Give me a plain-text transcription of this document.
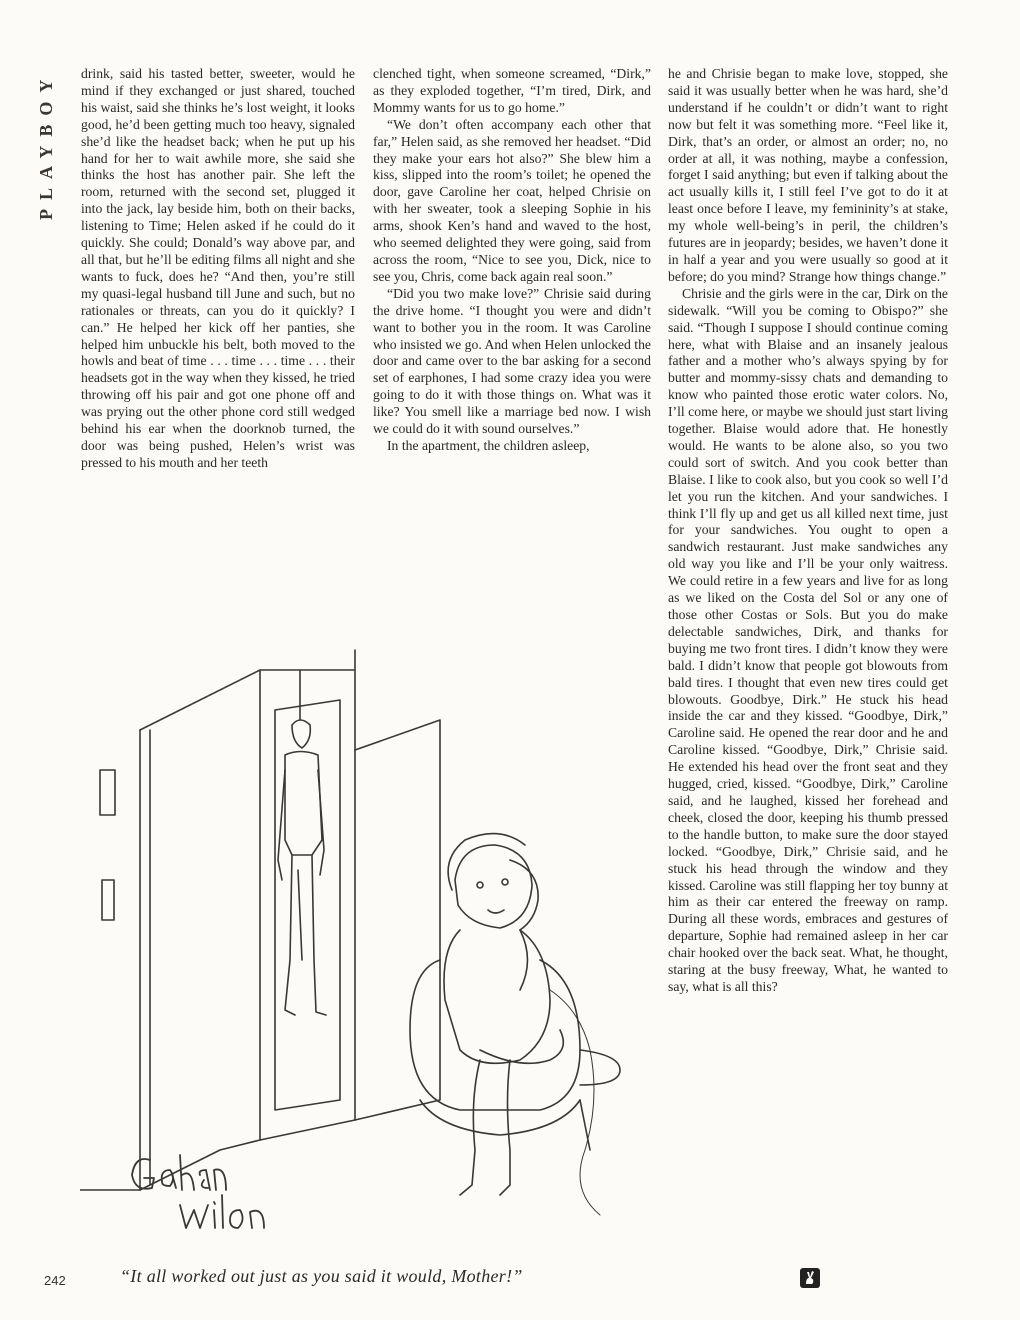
PLAYBOY drink, said his tasted better, sweeter, would he mind if they exchanged or just shared, touched his waist, said she thinks he’s lost weight, it looks good, he’d been getting much too heavy, signaled she’d like the headset back; when he put up his hand for her to wait awhile more, she said she thinks the host has another pair. She left the room, returned with the second set, plugged it into the jack, lay beside him, both on their backs, listening to Time; Helen asked if he could do it quickly. She could; Donald’s way above par, and all that, but he’ll be editing films all night and she wants to fuck, does he? “And then, you’re still my quasi-legal husband till June and such, but no rationales or threats, can you do it quickly? I can.” He helped her kick off her panties, she helped him unbuckle his belt, both moved to the howls and beat of time . . . time . . . time . . . their headsets got in the way when they kissed, he tried throwing off his pair and got one phone off and was prying out the other phone cord still wedged behind his ear when the doorknob turned, the door was being pushed, Helen’s wrist was pressed to his mouth and her teeth

clenched tight, when someone screamed, “Dirk,” as they exploded together, “I’m tired, Dirk, and Mommy wants for us to go home.”

“We don’t often accompany each other that far,” Helen said, as she removed her headset. “Did they make your ears hot also?” She blew him a kiss, slipped into the room’s toilet; he opened the door, gave Caroline her coat, helped Chrisie on with her sweater, took a sleeping Sophie in his arms, shook Ken’s hand and waved to the host, who seemed delighted they were going, said from across the room, “Nice to see you, Dick, nice to see you, Chris, come back again real soon.”

“Did you two make love?” Chrisie said during the drive home. “I thought you were and didn’t want to bother you in the room. It was Caroline who insisted we go. And when Helen unlocked the door and came over to the bar asking for a second set of earphones, I had some crazy idea you were going to do it with those things on. What was it like? You smell like a marriage bed now. I wish we could do it with sound ourselves.”

In the apartment, the children asleep,

he and Chrisie began to make love, stopped, she said it was usually better when he was hard, she’d understand if he couldn’t or didn’t want to right now but felt it was something more. “Feel like it, Dirk, that’s an order, or almost an order; no, no order at all, it was nothing, maybe a confession, forget I said anything; but even if talking about the act usually kills it, I still feel I’ve got to do it at least once before I leave, my femininity’s at stake, my whole well-being’s in peril, the children’s futures are in jeopardy; besides, we haven’t done it in half a year and you were usually so good at it before; do you mind? Strange how things change.”

Chrisie and the girls were in the car, Dirk on the sidewalk. “Will you be coming to Obispo?” she said. “Though I suppose I should continue coming here, what with Blaise and an insanely jealous father and a mother who’s always spying by for butter and mommy-sissy chats and demanding to know who painted those erotic water colors. No, I’ll come here, or maybe we should just start living together. Blaise would adore that. He honestly would. He wants to be alone also, so you two could sort of switch. And you cook better than Blaise. I like to cook also, but you cook so well I’d let you run the kitchen. And your sandwiches. I think I’ll fly up and get us all killed next time, just for your sandwiches. You ought to open a sandwich restaurant. Just make sandwiches any old way you like and I’ll be your only waitress. We could retire in a few years and live for as long as we liked on the Costa del Sol or any one of those other Costas or Sols. But you do make delectable sandwiches, Dirk, and thanks for buying me two front tires. I didn’t know they were bald. I didn’t know that people got blowouts from bald tires. I thought that even new tires could get blowouts. Goodbye, Dirk.” He stuck his head inside the car and they kissed. “Goodbye, Dirk,” Caroline said. He opened the rear door and he and Caroline kissed. “Goodbye, Dirk,” Chrisie said. He extended his head over the front seat and they hugged, cried, kissed. “Goodbye, Dirk,” Caroline said, and he laughed, kissed her forehead and cheek, closed the door, keeping his thumb pressed to the handle button, to make sure the door stayed locked. “Goodbye, Dirk,” Chrisie said, and he stuck his head through the window and they kissed. Caroline was still flapping her toy bunny at him as their car entered the freeway on ramp. During all these words, embraces and gestures of departure, Sophie had remained asleep in her car chair hooked over the back seat. What, he thought, staring at the busy freeway, What, he wanted to say, what is all this?

“It all worked out just as you said it would, Mother!”
242
